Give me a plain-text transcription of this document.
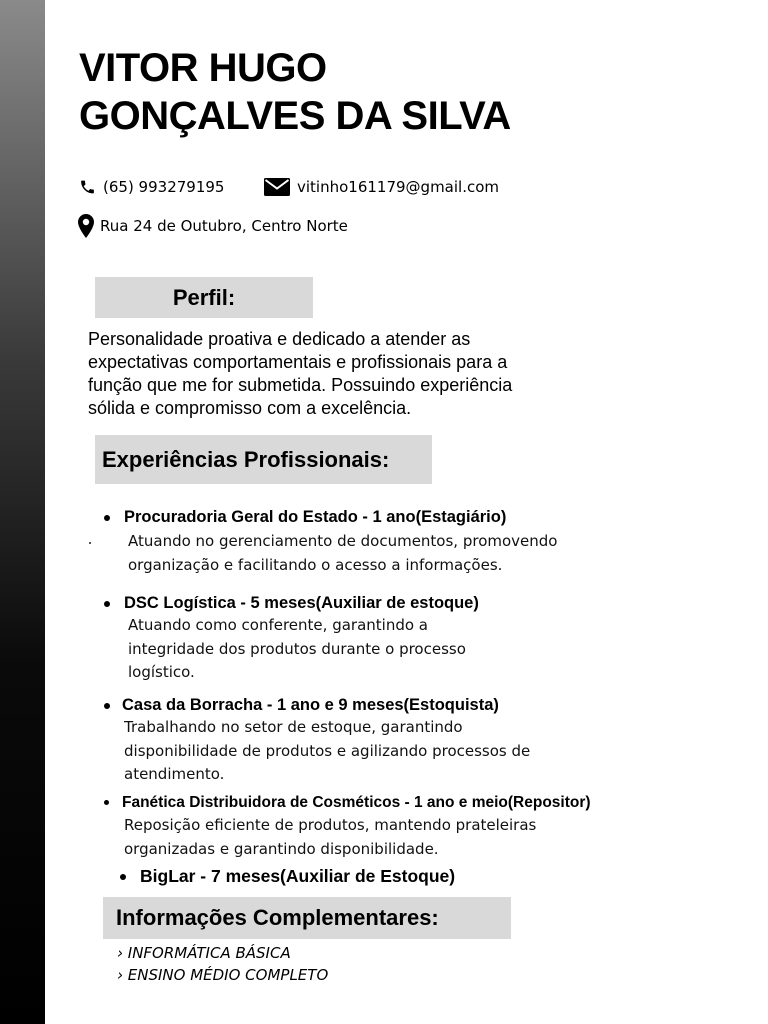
VITOR HUGO
GONÇALVES DA SILVA
(65) 993279195	vitinho161179@gmail.com
Rua 24 de Outubro, Centro Norte
Perfil:
Personalidade proativa e dedicado a atender as
expectativas comportamentais e profissionais para a
função que me for submetida. Possuindo experiência
sólida e compromisso com a excelência.
Experiências Profissionais:
Procuradoria Geral do Estado - 1 ano(Estagiário)
Atuando no gerenciamento de documentos, promovendo
organização e facilitando o acesso a informações.
DSC Logística - 5 meses(Auxiliar de estoque)
Atuando como conferente, garantindo a
integridade dos produtos durante o processo
logístico.
Casa da Borracha - 1 ano e 9 meses(Estoquista)
Trabalhando no setor de estoque, garantindo
disponibilidade de produtos e agilizando processos de
atendimento.
Fanética Distribuidora de Cosméticos - 1 ano e meio(Repositor)
Reposição eficiente de produtos, mantendo prateleiras
organizadas e garantindo disponibilidade.
BigLar - 7 meses(Auxiliar de Estoque)
Informações Complementares:
› INFORMÁTICA BÁSICA
› ENSINO MÉDIO COMPLETO
